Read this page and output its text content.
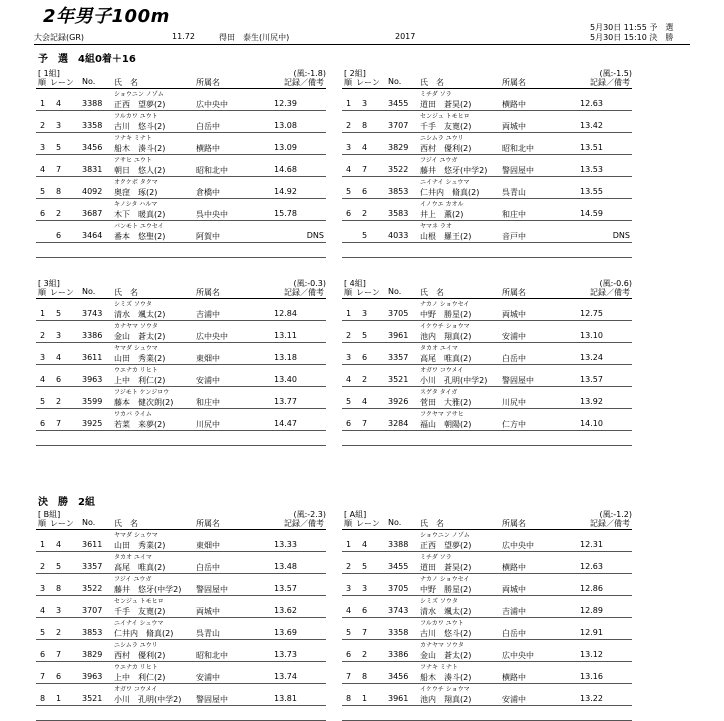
2年男子100m
大会記録(GR)	11.72	得田　泰生(川尻中)	2017
5月30日 11:55 予　選
5月30日 15:10 決　勝
予　選　4組0着＋16
決　勝　2組
[ 1組]	(風:-1.8)
順 レーン No. 氏　名	所属名	記録／備考
ショウニン ノゾム
1 4	3388 正西　望夢(2)	広中央中	12.39
フルカワ ユウト
2 3	3358 古川　悠斗(2)	白岳中	13.08
フナキ ミナト
3 5	3456 船木　湊斗(2)	横路中	13.09
アサヒ ユウト
4 7	3831 朝日　悠人(2)	昭和北中	14.68
オクケボ タクマ
5 8	4092 奥窪　琢(2)	倉橋中	14.92
キノシタ ハルマ
6 2	3687 木下　暖真(2)	呉中央中	15.78
バンモト ユウセイ
6	3464 番本　悠聖(2)	阿賀中	DNS
[ 2組]	(風:-1.5)
順 レーン No. 氏　名	所属名	記録／備考
ミチダ ソラ
1 3	3455 道田　蒼昊(2)	横路中	12.63
センジュ トモヒロ
2 8	3707 千手　友寛(2)	両城中	13.42
ニシムラ ユウリ
3 4	3829 西村　優利(2)	昭和北中	13.51
フジイ ユウガ
4 7	3522 藤井　悠牙(中学2) 警固屋中	13.53
ニイナイ シュウマ
5 6	3853 仁井内　脩真(2)	呉青山	13.55
イノウエ カオル
6 2	3583 井上　薫(2)	和庄中	14.59
ヤマネ ラオ
5	4033 山根　羅王(2)	音戸中	DNS
[ 3組]	(風:-0.3)
順 レーン No. 氏　名	所属名	記録／備考
シミズ ソウタ
1 5	3743 清水　颯太(2)	吉浦中	12.84
カナヤマ ソウタ
2 3	3386 金山　蒼太(2)	広中央中	13.11
ヤマダ シュウマ
3 4	3611 山田　秀業(2)	東畑中	13.18
ウエナカ リヒト
4 6	3963 上中　利仁(2)	安浦中	13.40
フジモト ケンジロウ
5 2	3599 藤本　健次朗(2)	和庄中	13.77
ワカバ ライム
6 7	3925 若菜　来夢(2)	川尻中	14.47
[ 4組]	(風:-0.6)
順 レーン No. 氏　名	所属名	記録／備考
ナカノ ショウセイ
1 3	3705 中野　勝星(2)	両城中	12.75
イケウチ ショウマ
2 5	3961 池内　翔真(2)	安浦中	13.10
タカオ ユイマ
3 6	3357 高尾　唯真(2)	白岳中	13.24
オガワ コウメイ
4 2	3521 小川　孔明(中学2) 警固屋中	13.57
スゲタ タイガ
5 4	3926 菅田　大雅(2)	川尻中	13.92
フクヤマ アサヒ
6 7	3284 福山　朝陽(2)	仁方中	14.10
[ B組]	(風:-2.3)
順 レーン No. 氏　名	所属名	記録／備考
ヤマダ シュウマ
1 4	3611 山田　秀業(2)	東畑中	13.33
タカオ ユイマ
2 5	3357 高尾　唯真(2)	白岳中	13.48
フジイ ユウガ
3 8	3522 藤井　悠牙(中学2) 警固屋中	13.57
センジュ トモヒロ
4 3	3707 千手　友寛(2)	両城中	13.62
ニイナイ シュウマ
5 2	3853 仁井内　脩真(2)	呉青山	13.69
ニシムラ ユウリ
6 7	3829 西村　優利(2)	昭和北中	13.73
ウエナカ リヒト
7 6	3963 上中　利仁(2)	安浦中	13.74
オガワ コウメイ
8 1	3521 小川　孔明(中学2) 警固屋中	13.81
[ A組]	(風:-1.2)
順 レーン No. 氏　名	所属名	記録／備考
ショウニン ノゾム
1 4	3388 正西　望夢(2)	広中央中	12.31
ミチダ ソラ
2 5	3455 道田　蒼昊(2)	横路中	12.63
ナカノ ショウセイ
3 3	3705 中野　勝星(2)	両城中	12.86
シミズ ソウタ
4 6	3743 清水　颯太(2)	吉浦中	12.89
フルカワ ユウト
5 7	3358 古川　悠斗(2)	白岳中	12.91
カナヤマ ソウタ
6 2	3386 金山　蒼太(2)	広中央中	13.12
フナキ ミナト
7 8	3456 船木　湊斗(2)	横路中	13.16
イケウチ ショウマ
8 1	3961 池内　翔真(2)	安浦中	13.22
